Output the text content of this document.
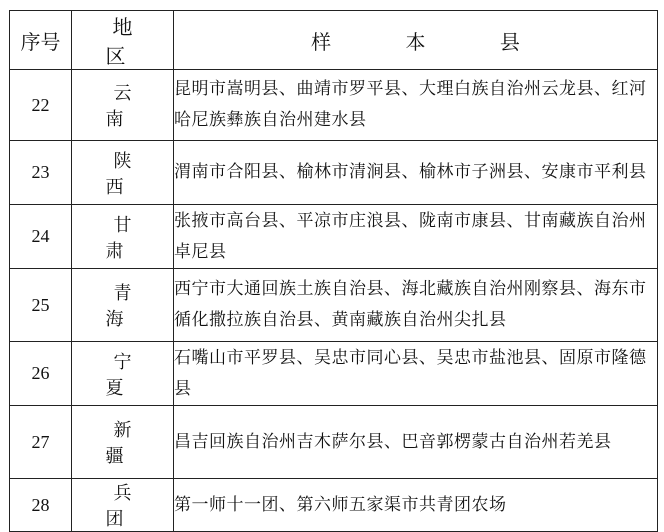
序号	地 区	样 本 县
22	云 南	昆明市嵩明县、曲靖市罗平县、大理白族自治州云龙县、红河哈尼族彝族自治州建水县
23	陕 西	渭南市合阳县、榆林市清涧县、榆林市子洲县、安康市平利县
24	甘 肃	张掖市高台县、平凉市庄浪县、陇南市康县、甘南藏族自治州卓尼县
25	青 海	西宁市大通回族土族自治县、海北藏族自治州刚察县、海东市循化撒拉族自治县、黄南藏族自治州尖扎县
26	宁 夏	石嘴山市平罗县、吴忠市同心县、吴忠市盐池县、固原市隆德县
27	新 疆	昌吉回族自治州吉木萨尔县、巴音郭楞蒙古自治州若羌县
28	兵 团	第一师十一团、第六师五家渠市共青团农场
